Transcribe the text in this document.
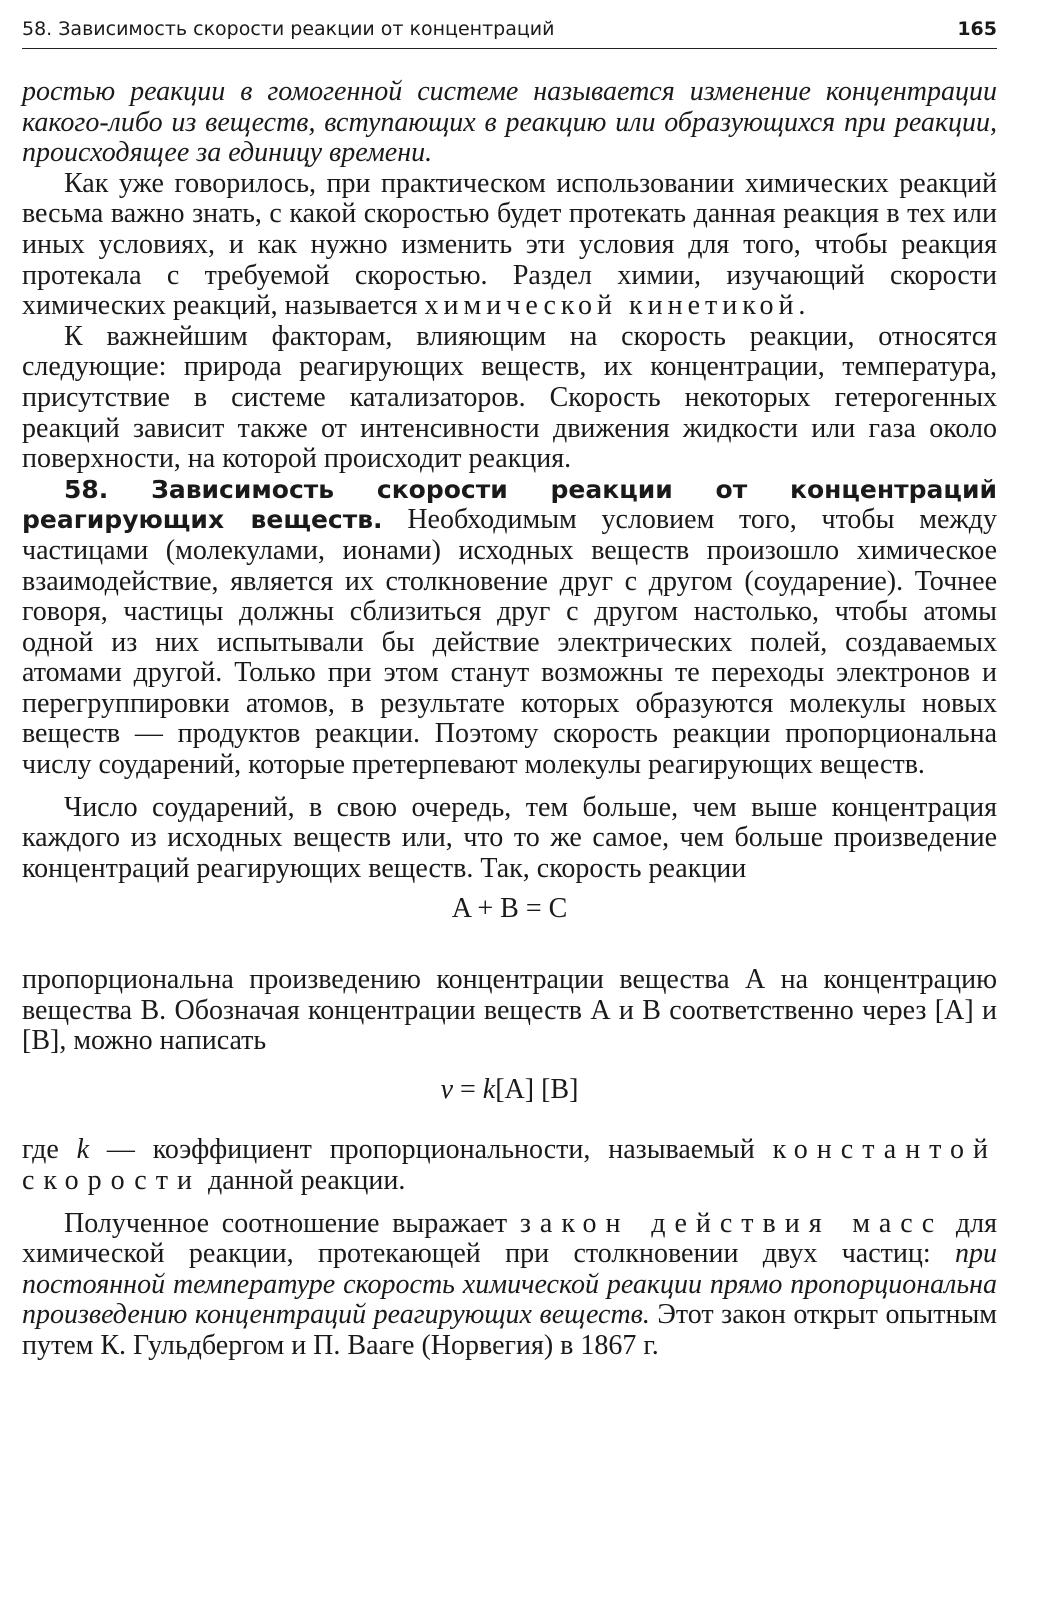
58. Зависимость скорости реакции от концентраций	165

ростью реакции в гомогенной системе называется изменение концентрации какого-либо из веществ, вступающих в реакцию или образующихся при реакции, происходящее за единицу времени.

Как уже говорилось, при практическом использовании химических реакций весьма важно знать, с какой скоростью будет протекать данная реакция в тех или иных условиях, и как нужно изменить эти условия для того, чтобы реакция протекала с требуемой скоростью. Раздел химии, изучающий скорости химических реакций, называется химической кинетикой.

К важнейшим факторам, влияющим на скорость реакции, относятся следующие: природа реагирующих веществ, их концентрации, температура, присутствие в системе катализаторов. Скорость некоторых гетерогенных реакций зависит также от интенсивности движения жидкости или газа около поверхности, на которой происходит реакция.

58. Зависимость скорости реакции от концентраций реагирующих веществ. Необходимым условием того, чтобы между частицами (молекулами, ионами) исходных веществ произошло химическое взаимодействие, является их столкновение друг с другом (соударение). Точнее говоря, частицы должны сблизиться друг с другом настолько, чтобы атомы одной из них испытывали бы действие электрических полей, создаваемых атомами другой. Только при этом станут возможны те переходы электронов и перегруппировки атомов, в результате которых образуются молекулы новых веществ — продуктов реакции. Поэтому скорость реакции пропорциональна числу соударений, которые претерпевают молекулы реагирующих веществ.

Число соударений, в свою очередь, тем больше, чем выше концентрация каждого из исходных веществ или, что то же самое, чем больше произведение концентраций реагирующих веществ. Так, скорость реакции

A + B = C

пропорциональна произведению концентрации вещества А на концентрацию вещества В. Обозначая концентрации веществ А и В соответственно через [A] и [B], можно написать

v = k[A] [B]

где k — коэффициент пропорциональности, называемый константой скорости данной реакции.

Полученное соотношение выражает закон действия масс для химической реакции, протекающей при столкновении двух частиц: при постоянной температуре скорость химической реакции прямо пропорциональна произведению концентраций реагирующих веществ. Этот закон открыт опытным путем К. Гульдбергом и П. Вааге (Норвегия) в 1867 г.
